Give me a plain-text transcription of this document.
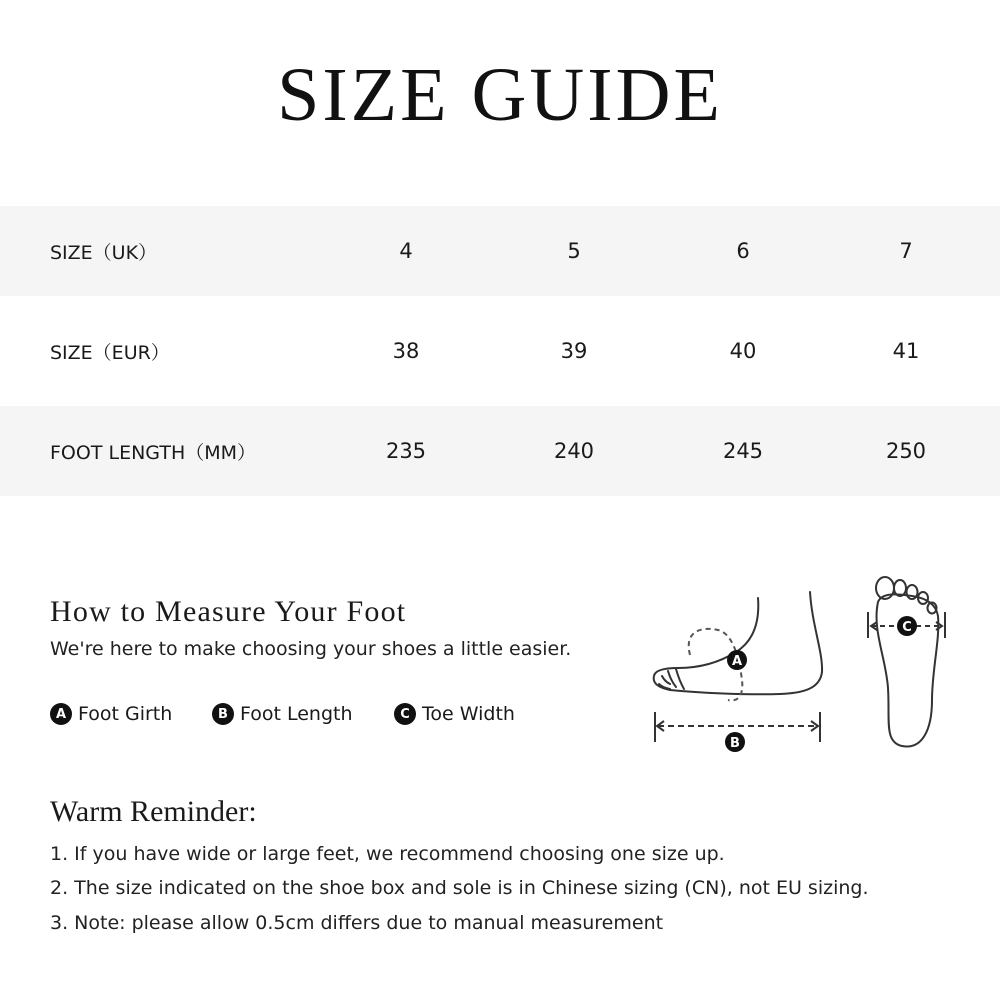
SIZE GUIDE
SIZE（UK）	4	5	6	7
SIZE（EUR）	38	39	40	41
FOOT LENGTH（MM）	235	240	245	250
How to Measure Your Foot
We're here to make choosing your shoes a little easier.
A Foot Girth	B Foot Length	C Toe Width
A
B
C
Warm Reminder:
1. If you have wide or large feet, we recommend choosing one size up.
2. The size indicated on the shoe box and sole is in Chinese sizing (CN), not EU sizing.
3. Note: please allow 0.5cm differs due to manual measurement
